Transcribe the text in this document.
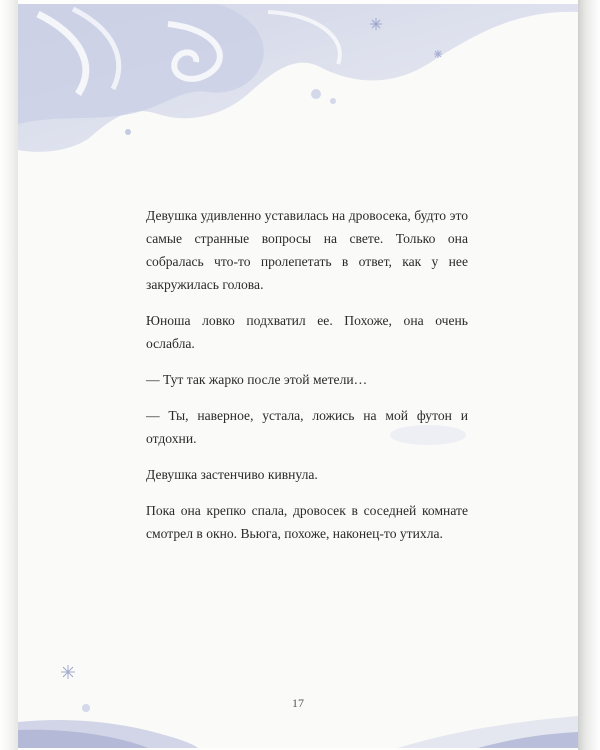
Девушка удивленно уставилась на дровосека, будто это самые странные вопросы на свете. Только она собралась что-то пролепетать в ответ, как у нее закружилась голова.

Юноша ловко подхватил ее. Похоже, она очень ослабла.

— Тут так жарко после этой метели…

— Ты, наверное, устала, ложись на мой футон и отдохни.

Девушка застенчиво кивнула.

Пока она крепко спала, дровосек в соседней комнате смотрел в окно. Вьюга, похоже, наконец-то утихла.

17
